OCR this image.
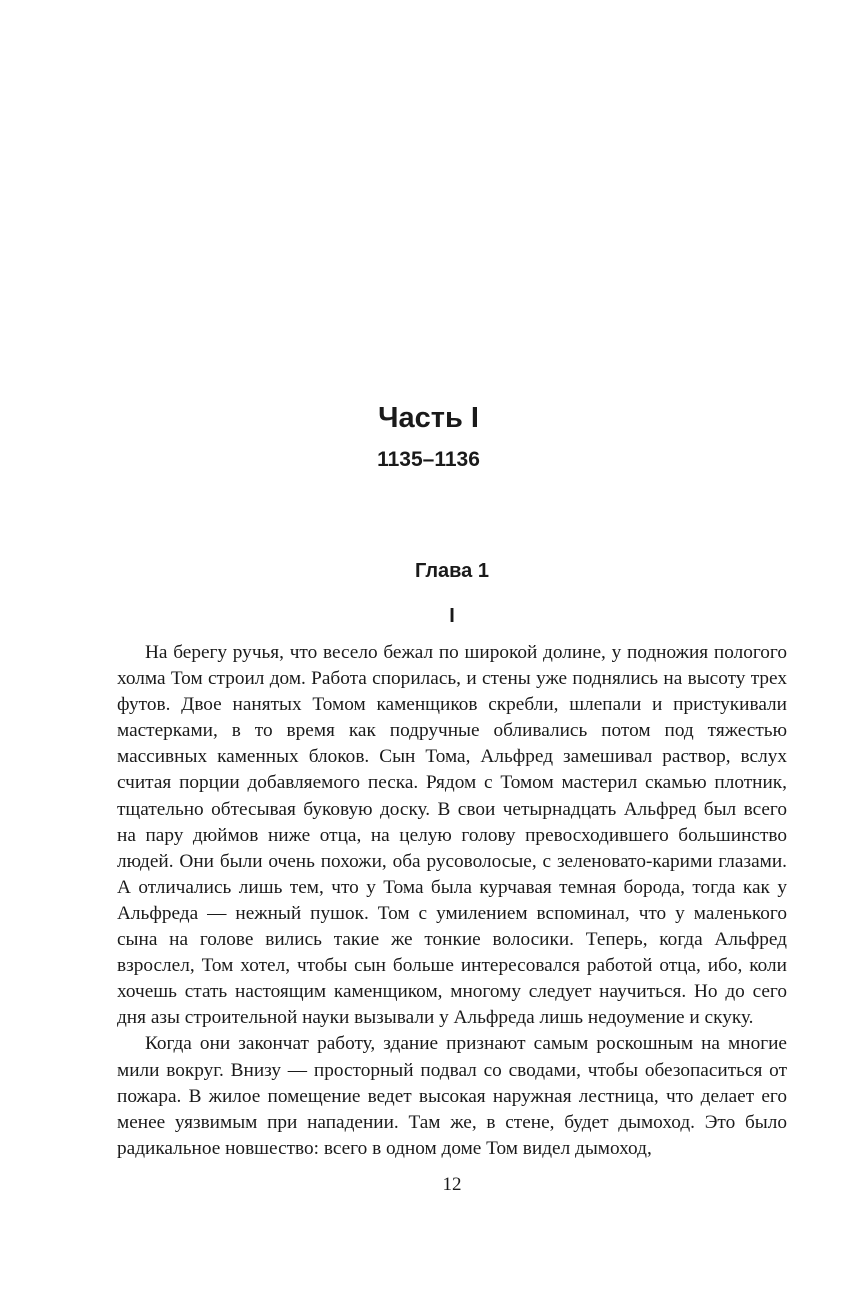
Часть I
1135–1136
Глава 1
I

На берегу ручья, что весело бежал по широкой долине, у подножия пологого холма Том строил дом. Работа спорилась, и стены уже поднялись на высоту трех футов. Двое нанятых Томом каменщиков скребли, шлепали и пристукивали мастерками, в то время как подручные обливались потом под тяжестью массивных каменных блоков. Сын Тома, Альфред замешивал раствор, вслух считая порции добавляемого песка. Рядом с Томом мастерил скамью плотник, тщательно обтесывая буковую доску. В свои четырнадцать Альфред был всего на пару дюймов ниже отца, на целую голову превосходившего большинство людей. Они были очень похожи, оба русоволосые, с зеленовато-карими глазами. А отличались лишь тем, что у Тома была курчавая темная борода, тогда как у Альфреда — нежный пушок. Том с умилением вспоминал, что у маленького сына на голове вились такие же тонкие волосики. Теперь, когда Альфред взрослел, Том хотел, чтобы сын больше интересовался работой отца, ибо, коли хочешь стать настоящим каменщиком, многому следует научиться. Но до сего дня азы строительной науки вызывали у Альфреда лишь недоумение и скуку.

Когда они закончат работу, здание признают самым роскошным на многие мили вокруг. Внизу — просторный подвал со сводами, чтобы обезопаситься от пожара. В жилое помещение ведет высокая наружная лестница, что делает его менее уязвимым при нападении. Там же, в стене, будет дымоход. Это было радикальное новшество: всего в одном доме Том видел дымоход,

12
